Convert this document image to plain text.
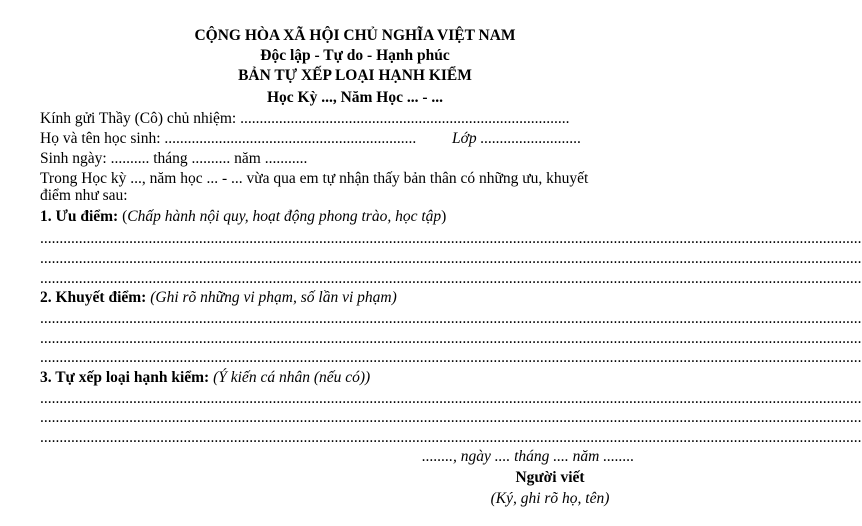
CỘNG HÒA XÃ HỘI CHỦ NGHĨA VIỆT NAM
Độc lập - Tự do - Hạnh phúc
BẢN TỰ XẾP LOẠI HẠNH KIỂM
Học Kỳ ..., Năm Học ... - ...
Kính gửi Thầy (Cô) chủ nhiệm: .....................................................................................
Họ và tên học sinh: ................................................................. Lớp ..........................
Sinh ngày: .......... tháng .......... năm ...........
Trong Học kỳ ..., năm học ... - ... vừa qua em tự nhận thấy bản thân có những ưu, khuyết
điểm như sau:
1. Ưu điểm: (Chấp hành nội quy, hoạt động phong trào, học tập)
....................................................................................................................................................................................................................
....................................................................................................................................................................................................................
....................................................................................................................................................................................................................
2. Khuyết điểm: (Ghi rõ những vi phạm, số lần vi phạm)
....................................................................................................................................................................................................................
....................................................................................................................................................................................................................
....................................................................................................................................................................................................................
3. Tự xếp loại hạnh kiểm: (Ý kiến cá nhân (nếu có))
....................................................................................................................................................................................................................
....................................................................................................................................................................................................................
....................................................................................................................................................................................................................
........, ngày .... tháng .... năm ........
Người viết
(Ký, ghi rõ họ, tên)
